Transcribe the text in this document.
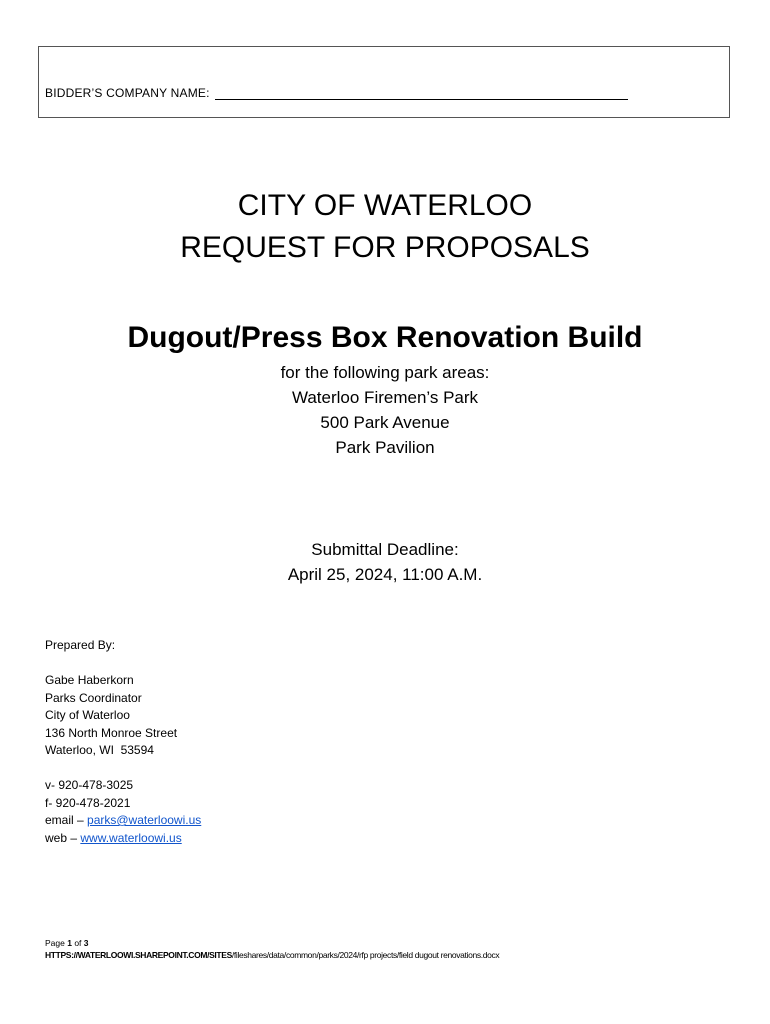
BIDDER’S COMPANY NAME:
CITY OF WATERLOO
REQUEST FOR PROPOSALS
Dugout/Press Box Renovation Build
for the following park areas:
Waterloo Firemen’s Park
500 Park Avenue
Park Pavilion
Submittal Deadline:
April 25, 2024, 11:00 A.M.
Prepared By:
Gabe Haberkorn
Parks Coordinator
City of Waterloo
136 North Monroe Street
Waterloo, WI  53594
v- 920-478-3025
f- 920-478-2021
email – parks@waterloowi.us
web – www.waterloowi.us
Page 1 of 3
HTTPS://WATERLOOWI.SHAREPOINT.COM/SITES/fileshares/data/common/parks/2024/rfp projects/field dugout renovations.docx
